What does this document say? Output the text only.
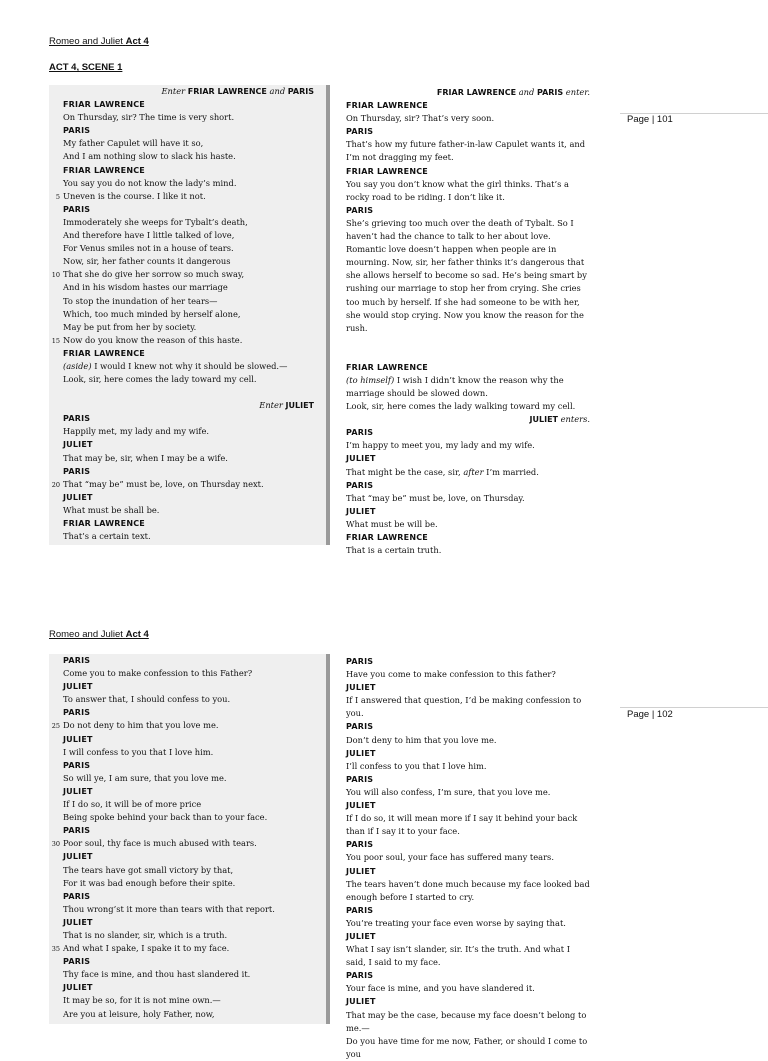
Romeo and Juliet Act 4
ACT 4, SCENE 1
Enter FRIAR LAWRENCE and PARIS
FRIAR LAWRENCE
On Thursday, sir? The time is very short.
PARIS
My father Capulet will have it so,
And I am nothing slow to slack his haste.
FRIAR LAWRENCE
You say you do not know the lady’s mind.
Uneven is the course. I like it not.
5
PARIS
Immoderately she weeps for Tybalt’s death,
And therefore have I little talked of love,
For Venus smiles not in a house of tears.
Now, sir, her father counts it dangerous
That she do give her sorrow so much sway,
10
And in his wisdom hastes our marriage
To stop the inundation of her tears—
Which, too much minded by herself alone,
May be put from her by society.
Now do you know the reason of this haste.
15
FRIAR LAWRENCE
(aside) I would I knew not why it should be slowed.—
Look, sir, here comes the lady toward my cell.
Enter JULIET
PARIS
Happily met, my lady and my wife.
JULIET
That may be, sir, when I may be a wife.
PARIS
That “may be” must be, love, on Thursday next.
20
JULIET
What must be shall be.
FRIAR LAWRENCE
That’s a certain text.
FRIAR LAWRENCE and PARIS enter.
FRIAR LAWRENCE
On Thursday, sir? That’s very soon.
PARIS
That’s how my future father-in-law Capulet wants it, and I’m not dragging my feet.
FRIAR LAWRENCE
You say you don’t know what the girl thinks. That’s a rocky road to be riding. I don’t like it.
PARIS
She’s grieving too much over the death of Tybalt. So I haven’t had the chance to talk to her about love. Romantic love doesn’t happen when people are in mourning. Now, sir, her father thinks it’s dangerous that she allows herself to become so sad. He’s being smart by rushing our marriage to stop her from crying. She cries too much by herself. If she had someone to be with her, she would stop crying. Now you know the reason for the rush.
FRIAR LAWRENCE
(to himself) I wish I didn’t know the reason why the marriage should be slowed down.
Look, sir, here comes the lady walking toward my cell.
JULIET enters.
PARIS
I’m happy to meet you, my lady and my wife.
JULIET
That might be the case, sir, after I’m married.
PARIS
That “may be” must be, love, on Thursday.
JULIET
What must be will be.
FRIAR LAWRENCE
That is a certain truth.
Page | 101
Romeo and Juliet Act 4
PARIS
Come you to make confession to this Father?
JULIET
To answer that, I should confess to you.
PARIS
Do not deny to him that you love me.
25
JULIET
I will confess to you that I love him.
PARIS
So will ye, I am sure, that you love me.
JULIET
If I do so, it will be of more price
Being spoke behind your back than to your face.
PARIS
Poor soul, thy face is much abused with tears.
30
JULIET
The tears have got small victory by that,
For it was bad enough before their spite.
PARIS
Thou wrong’st it more than tears with that report.
JULIET
That is no slander, sir, which is a truth.
And what I spake, I spake it to my face.
35
PARIS
Thy face is mine, and thou hast slandered it.
JULIET
It may be so, for it is not mine own.—
Are you at leisure, holy Father, now,
PARIS
Have you come to make confession to this father?
JULIET
If I answered that question, I’d be making confession to you.
PARIS
Don’t deny to him that you love me.
JULIET
I’ll confess to you that I love him.
PARIS
You will also confess, I’m sure, that you love me.
JULIET
If I do so, it will mean more if I say it behind your back than if I say it to your face.
PARIS
You poor soul, your face has suffered many tears.
JULIET
The tears haven’t done much because my face looked bad enough before I started to cry.
PARIS
You’re treating your face even worse by saying that.
JULIET
What I say isn’t slander, sir. It’s the truth. And what I said, I said to my face.
PARIS
Your face is mine, and you have slandered it.
JULIET
That may be the case, because my face doesn’t belong to me.—
Do you have time for me now, Father, or should I come to you
Page | 102
